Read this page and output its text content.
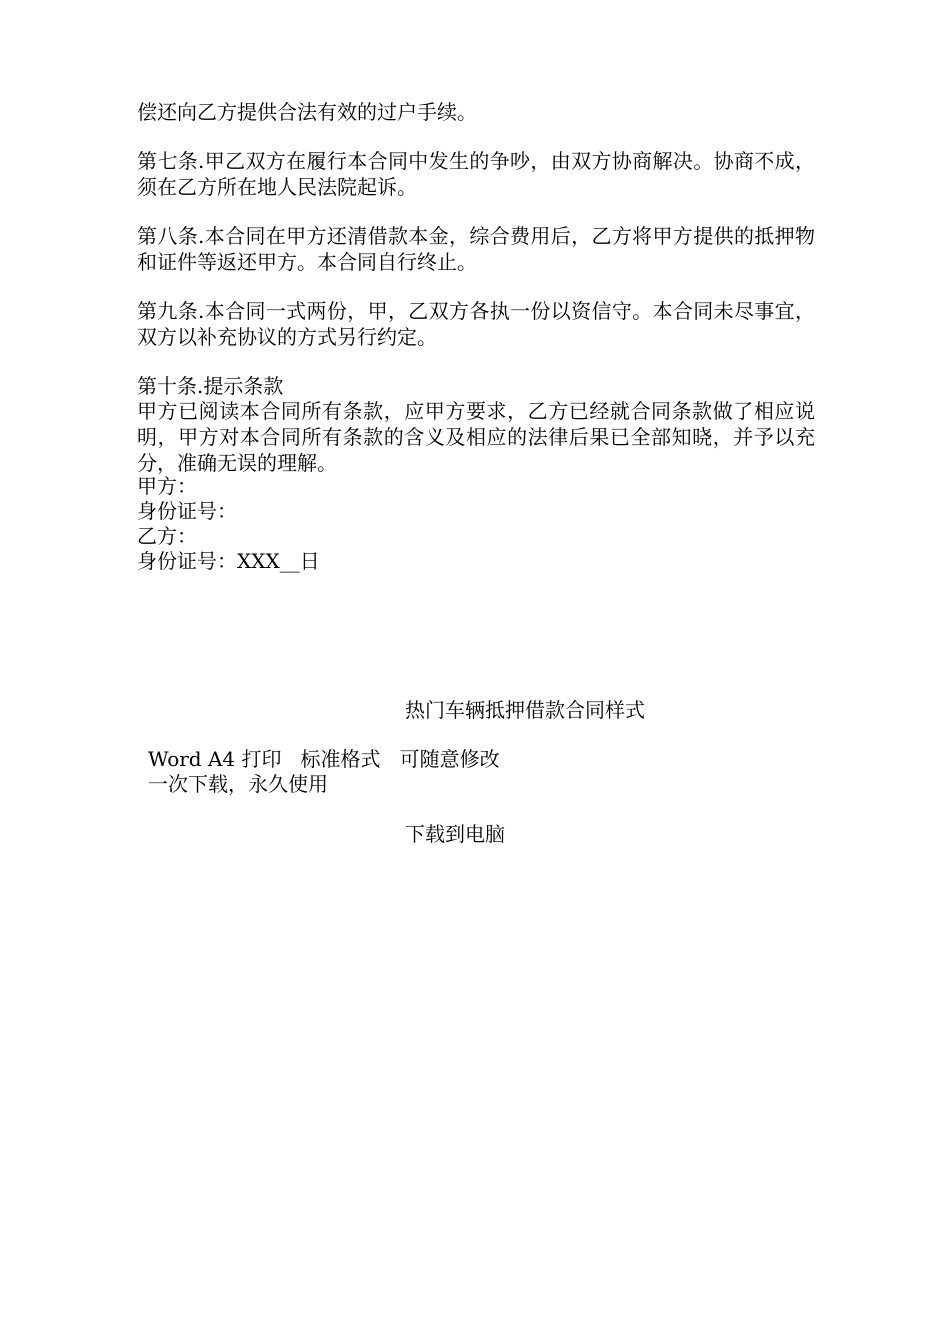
偿还向乙方提供合法有效的过户手续。

第七条.甲乙双方在履行本合同中发生的争吵，由双方协商解决。协商不成，须在乙方所在地人民法院起诉。

第八条.本合同在甲方还清借款本金，综合费用后，乙方将甲方提供的抵押物和证件等返还甲方。本合同自行终止。

第九条.本合同一式两份，甲，乙双方各执一份以资信守。本合同未尽事宜，双方以补充协议的方式另行约定。

第十条.提示条款

甲方已阅读本合同所有条款，应甲方要求，乙方已经就合同条款做了相应说明，甲方对本合同所有条款的含义及相应的法律后果已全部知晓，并予以充分，准确无误的理解。

甲方：

身份证号：

乙方：

身份证号：XXX__日

热门车辆抵押借款合同样式
Word A4 打印   标准格式   可随意修改
一次下载，永久使用
下载到电脑
